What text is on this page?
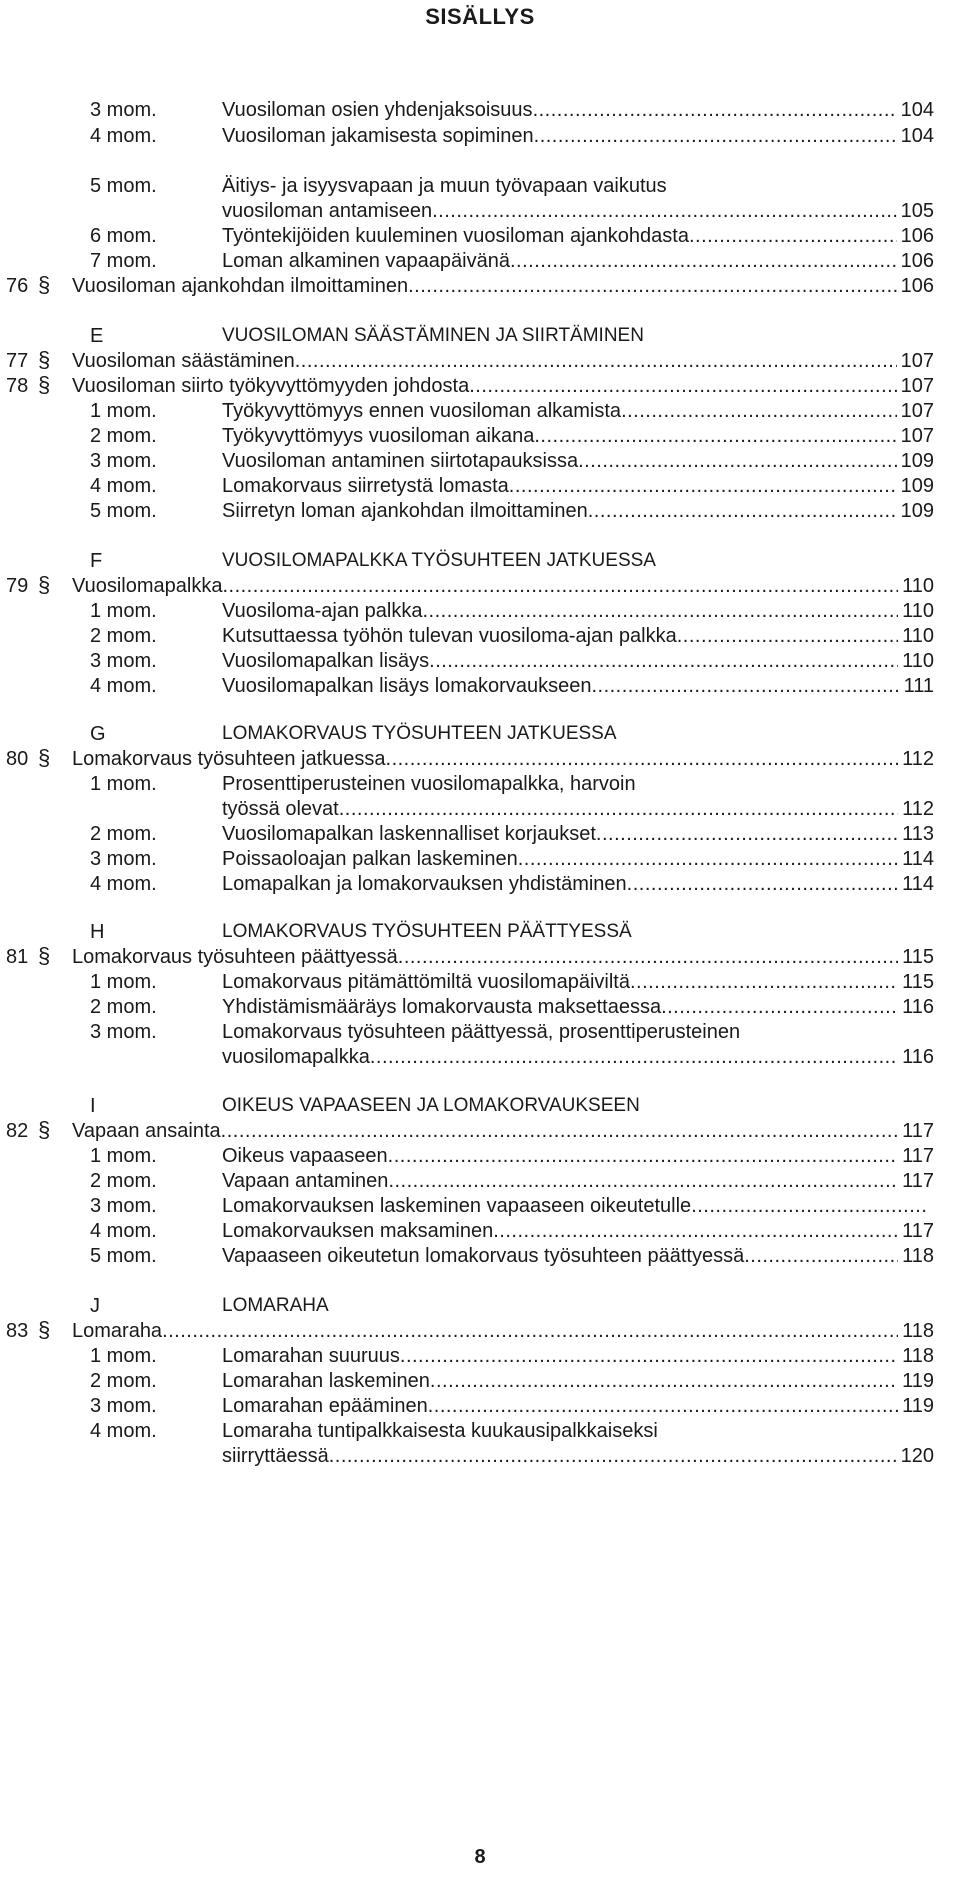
SISÄLLYS
3 mom.	Vuosiloman osien yhdenjaksoisuus .....	104
4 mom.	Vuosiloman jakamisesta sopiminen .....	104
5 mom.	Äitiys- ja isyysvapaan ja muun työvapaan vaikutus
vuosiloman antamiseen .....	105
6 mom.	Työntekijöiden kuuleminen vuosiloman ajankohdasta .....	106
7 mom.	Loman alkaminen vapaapäivänä .....	106
76 § Vuosiloman ajankohdan ilmoittaminen .....	106
E	VUOSILOMAN SÄÄSTÄMINEN JA SIIRTÄMINEN
77 § Vuosiloman säästäminen .....	107
78 § Vuosiloman siirto työkyvyttömyyden johdosta .....	107
1 mom.	Työkyvyttömyys ennen vuosiloman alkamista .....	107
2 mom.	Työkyvyttömyys vuosiloman aikana .....	107
3 mom.	Vuosiloman antaminen siirtotapauksissa .....	109
4 mom.	Lomakorvaus siirretystä lomasta .....	109
5 mom.	Siirretyn loman ajankohdan ilmoittaminen .....	109
F	VUOSILOMAPALKKA TYÖSUHTEEN JATKUESSA
79 § Vuosilomapalkka .....	110
1 mom.	Vuosiloma-ajan palkka .....	110
2 mom.	Kutsuttaessa työhön tulevan vuosiloma-ajan palkka .....	110
3 mom.	Vuosilomapalkan lisäys .....	110
4 mom.	Vuosilomapalkan lisäys lomakorvaukseen .....	111
G	LOMAKORVAUS TYÖSUHTEEN JATKUESSA
80 § Lomakorvaus työsuhteen jatkuessa .....	112
1 mom.	Prosenttiperusteinen vuosilomapalkka, harvoin
työssä olevat .....	112
2 mom.	Vuosilomapalkan laskennalliset korjaukset .....	113
3 mom.	Poissaoloajan palkan laskeminen .....	114
4 mom.	Lomapalkan ja lomakorvauksen yhdistäminen .....	114
H	LOMAKORVAUS TYÖSUHTEEN PÄÄTTYESSÄ
81 § Lomakorvaus työsuhteen päättyessä .....	115
1 mom.	Lomakorvaus pitämättömiltä vuosilomapäiviltä .....	115
2 mom.	Yhdistämismääräys lomakorvausta maksettaessa .....	116
3 mom.	Lomakorvaus työsuhteen päättyessä, prosenttiperusteinen
vuosilomapalkka .....	116
I	OIKEUS VAPAASEEN JA LOMAKORVAUKSEEN
82 § Vapaan ansainta .....	117
1 mom.	Oikeus vapaaseen .....	117
2 mom.	Vapaan antaminen .....	117
3 mom.	Lomakorvauksen laskeminen vapaaseen oikeutetulle
.....
4 mom.	Lomakorvauksen maksaminen .....	117
5 mom.	Vapaaseen oikeutetun lomakorvaus työsuhteen päättyessä .....	118
J	LOMARAHA
83 § Lomaraha .....	118
1 mom.	Lomarahan suuruus .....	118
2 mom.	Lomarahan laskeminen .....	119
3 mom.	Lomarahan epääminen .....	119
4 mom.	Lomaraha tuntipalkkaisesta kuukausipalkkaiseksi
siirryttäessä .....	120
8
